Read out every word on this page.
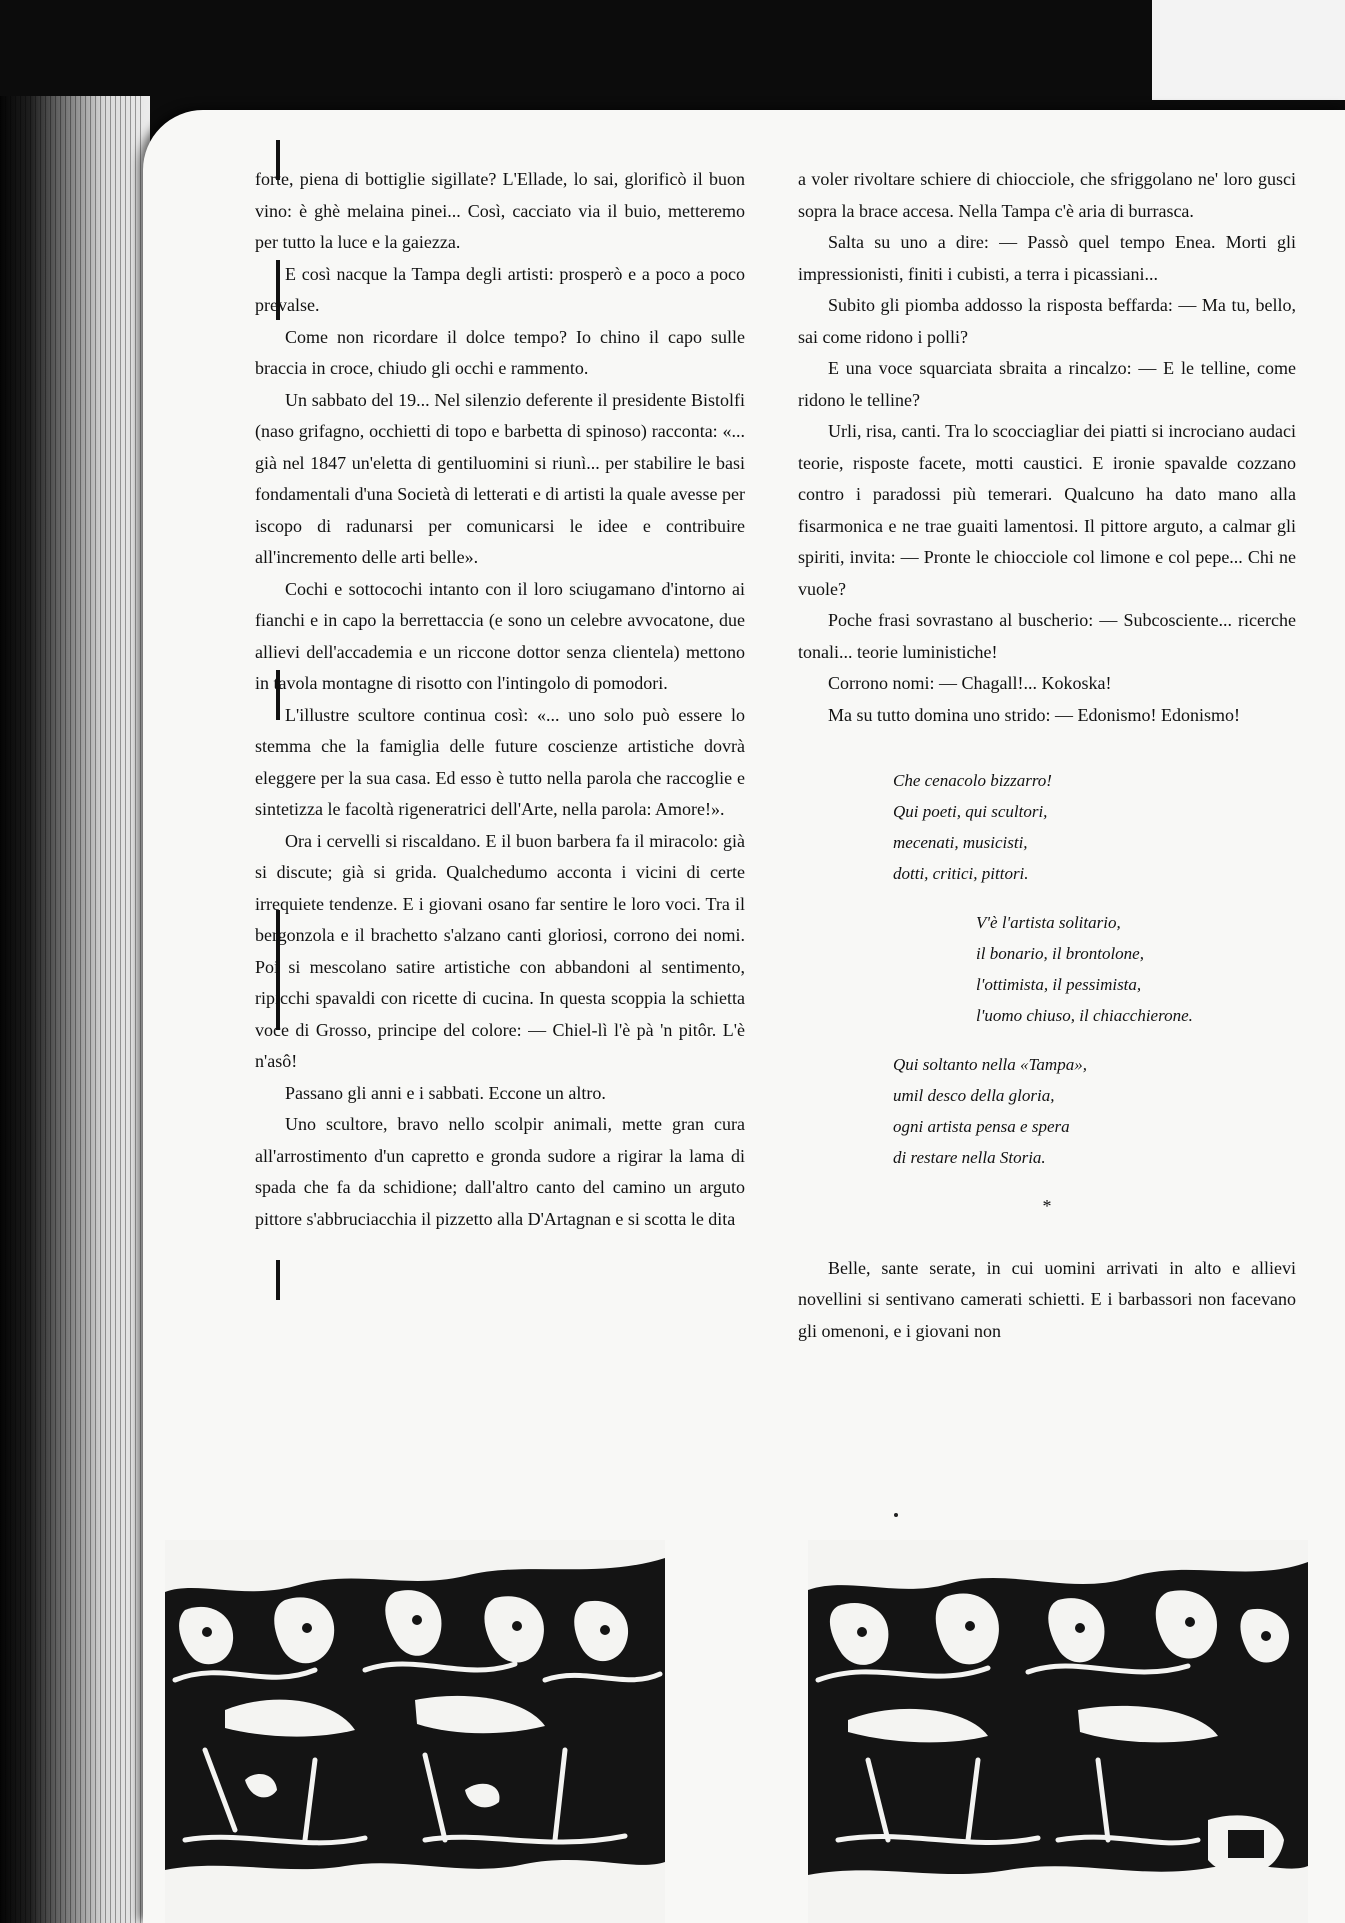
forte, piena di bottiglie sigillate? L'Ellade, lo sai, glorificò il buon vino: è ghè melaina pinei... Così, cacciato via il buio, metteremo per tutto la luce e la gaiezza.

E così nacque la Tampa degli artisti: prosperò e a poco a poco prevalse.

Come non ricordare il dolce tempo? Io chino il capo sulle braccia in croce, chiudo gli occhi e rammento.

Un sabbato del 19... Nel silenzio deferente il presidente Bistolfi (naso grifagno, occhietti di topo e barbetta di spinoso) racconta: «... già nel 1847 un'eletta di gentiluomini si riunì... per stabilire le basi fondamentali d'una Società di letterati e di artisti la quale avesse per iscopo di radunarsi per comunicarsi le idee e contribuire all'incremento delle arti belle».

Cochi e sottocochi intanto con il loro sciugamano d'intorno ai fianchi e in capo la berrettaccia (e sono un celebre avvocatone, due allievi dell'accademia e un riccone dottor senza clientela) mettono in tavola montagne di risotto con l'intingolo di pomodori.

L'illustre scultore continua così: «... uno solo può essere lo stemma che la famiglia delle future coscienze artistiche dovrà eleggere per la sua casa. Ed esso è tutto nella parola che raccoglie e sintetizza le facoltà rigeneratrici dell'Arte, nella parola: Amore!».

Ora i cervelli si riscaldano. E il buon barbera fa il miracolo: già si discute; già si grida. Qualchedumo acconta i vicini di certe irrequiete tendenze. E i giovani osano far sentire le loro voci. Tra il bergonzola e il brachetto s'alzano canti gloriosi, corrono dei nomi. Poi si mescolano satire artistiche con abbandoni al sentimento, ripicchi spavaldi con ricette di cucina. In questa scoppia la schietta voce di Grosso, principe del colore: — Chiel-lì l'è pà 'n pitôr. L'è n'asô!

Passano gli anni e i sabbati. Eccone un altro.

Uno scultore, bravo nello scolpir animali, mette gran cura all'arrostimento d'un capretto e gronda sudore a rigirar la lama di spada che fa da schidione; dall'altro canto del camino un arguto pittore s'abbruciacchia il pizzetto alla D'Artagnan e si scotta le dita

a voler rivoltare schiere di chiocciole, che sfriggolano ne' loro gusci sopra la brace accesa. Nella Tampa c'è aria di burrasca.

Salta su uno a dire: — Passò quel tempo Enea. Morti gli impressionisti, finiti i cubisti, a terra i picassiani...

Subito gli piomba addosso la risposta beffarda: — Ma tu, bello, sai come ridono i polli?

E una voce squarciata sbraita a rincalzo: — E le telline, come ridono le telline?

Urli, risa, canti. Tra lo scocciagliar dei piatti si incrociano audaci teorie, risposte facete, motti caustici. E ironie spavalde cozzano contro i paradossi più temerari. Qualcuno ha dato mano alla fisarmonica e ne trae guaiti lamentosi. Il pittore arguto, a calmar gli spiriti, invita: — Pronte le chiocciole col limone e col pepe... Chi ne vuole?

Poche frasi sovrastano al buscherio: — Subcosciente... ricerche tonali... teorie luministiche!

Corrono nomi: — Chagall!... Kokoska!

Ma su tutto domina uno strido: — Edonismo! Edonismo!

Che cenacolo bizzarro!
Qui poeti, qui scultori,
mecenati, musicisti,
dotti, critici, pittori.
V'è l'artista solitario,
il bonario, il brontolone,
l'ottimista, il pessimista,
l'uomo chiuso, il chiacchierone.
Qui soltanto nella «Tampa»,
umil desco della gloria,
ogni artista pensa e spera
di restare nella Storia.
*

Belle, sante serate, in cui uomini arrivati in alto e allievi novellini si sentivano camerati schietti. E i barbassori non facevano gli omenoni, e i giovani non
